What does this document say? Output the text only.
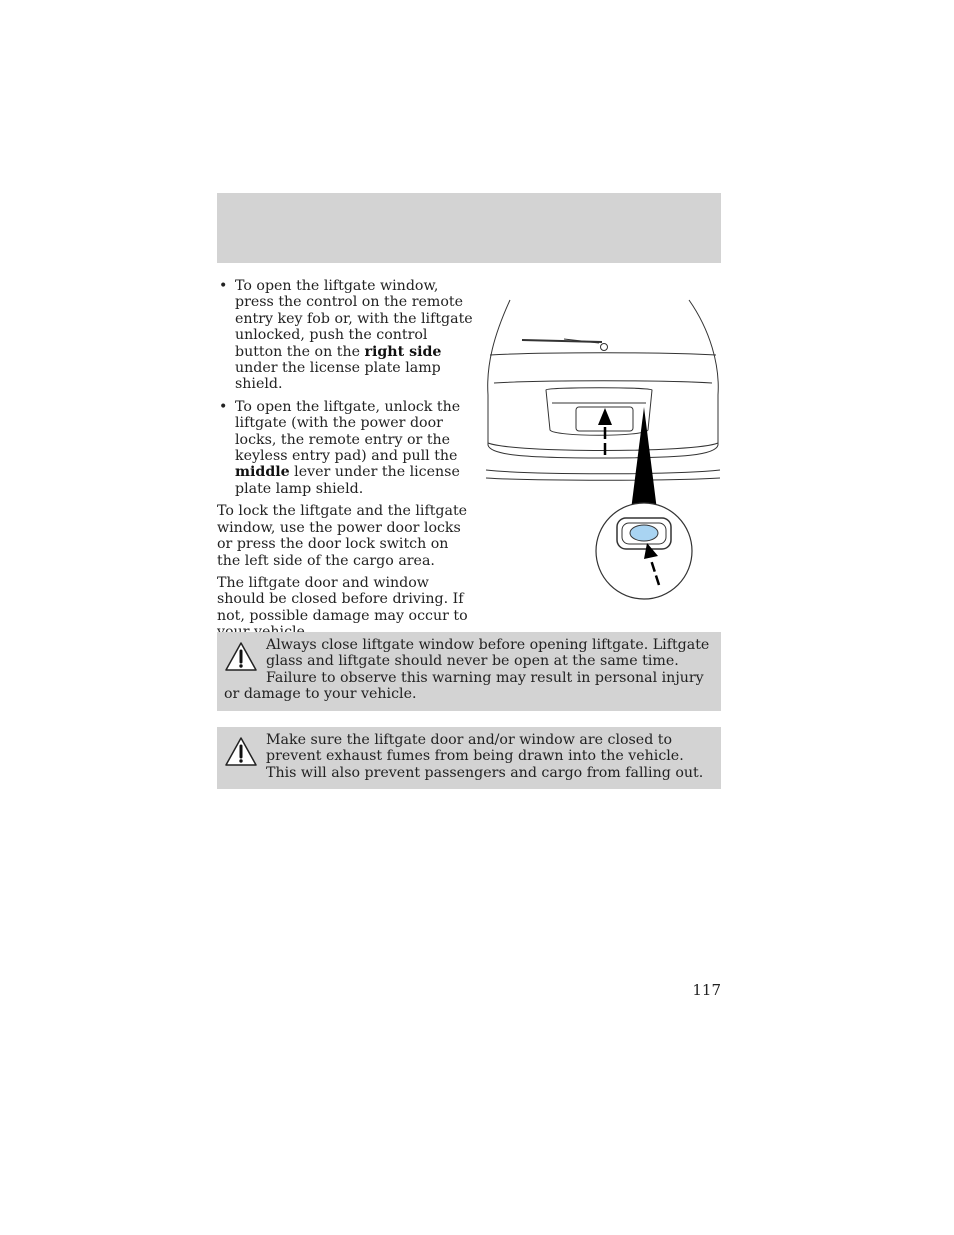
• To open the liftgate window, press the control on the remote entry key fob or, with the liftgate unlocked, push the control button the on the right side under the license plate lamp shield.
• To open the liftgate, unlock the liftgate (with the power door locks, the remote entry or the keyless entry pad) and pull the middle lever under the license plate lamp shield.

To lock the liftgate and the liftgate window, use the power door locks or press the door lock switch on the left side of the cargo area.

The liftgate door and window should be closed before driving. If not, possible damage may occur to

Always close liftgate window before opening liftgate. Liftgate glass and liftgate should never be open at the same time. Failure to observe this warning may result in personal injury or damage to your vehicle.
Make sure the liftgate door and/or window are closed to prevent exhaust fumes from being drawn into the vehicle. This will also prevent passengers and cargo from falling out.
117
